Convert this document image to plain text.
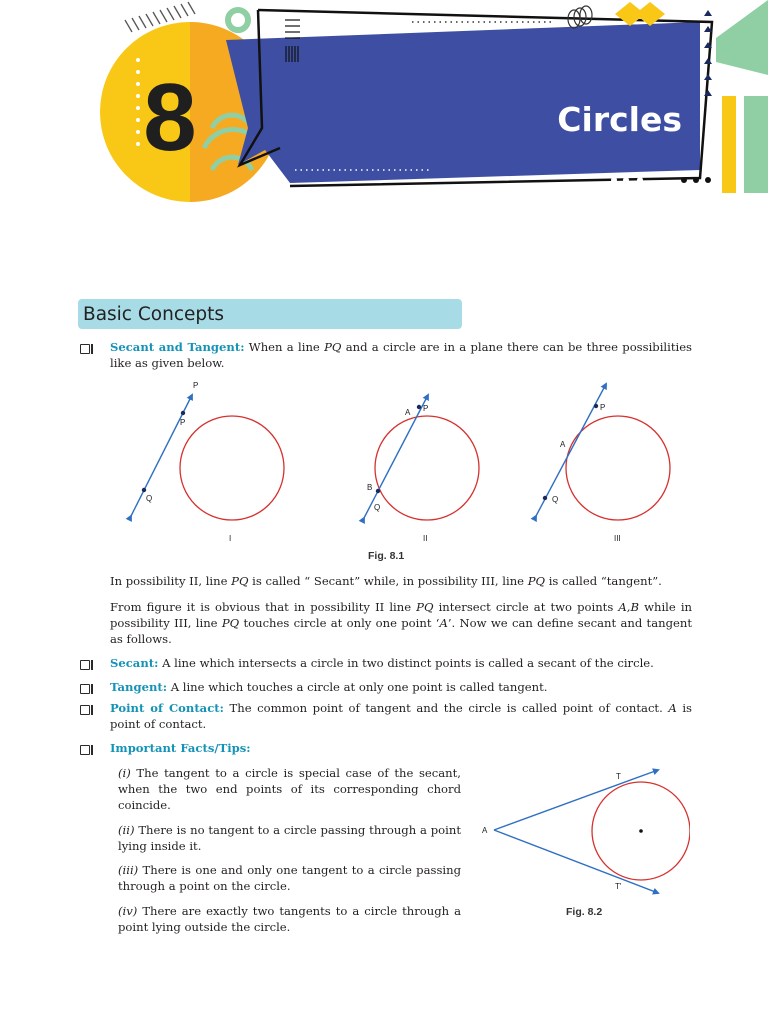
8	Circles
Basic Concepts
Secant and Tangent: When a line PQ and a circle are in a plane there can be three possibilities like as given below.
P
P
Q
I
A P
B
Q
II
P
A
Q
III
Fig. 8.1
In possibility II, line PQ is called “ Secant” while, in possibility III, line PQ is called “tangent”.
From figure it is obvious that in possibility II line PQ intersect circle at two points A,B while in possibility III, line PQ touches circle at only one point ‘A’. Now we can define secant and tangent as follows.
Secant: A line which intersects a circle in two distinct points is called a secant of the circle.
Tangent: A line which touches a circle at only one point is called tangent.
Point of Contact: The common point of tangent and the circle is called point of contact. A is point of contact.
Important Facts/Tips:
(i) The tangent to a circle is special case of the secant, when the two end points of its corresponding chord coincide.
(ii) There is no tangent to a circle passing through a point lying inside it.
(iii) There is one and only one tangent to a circle passing through a point on the circle.
(iv) There are exactly two tangents to a circle through a point lying outside the circle.
T
T'
A
Fig. 8.2
